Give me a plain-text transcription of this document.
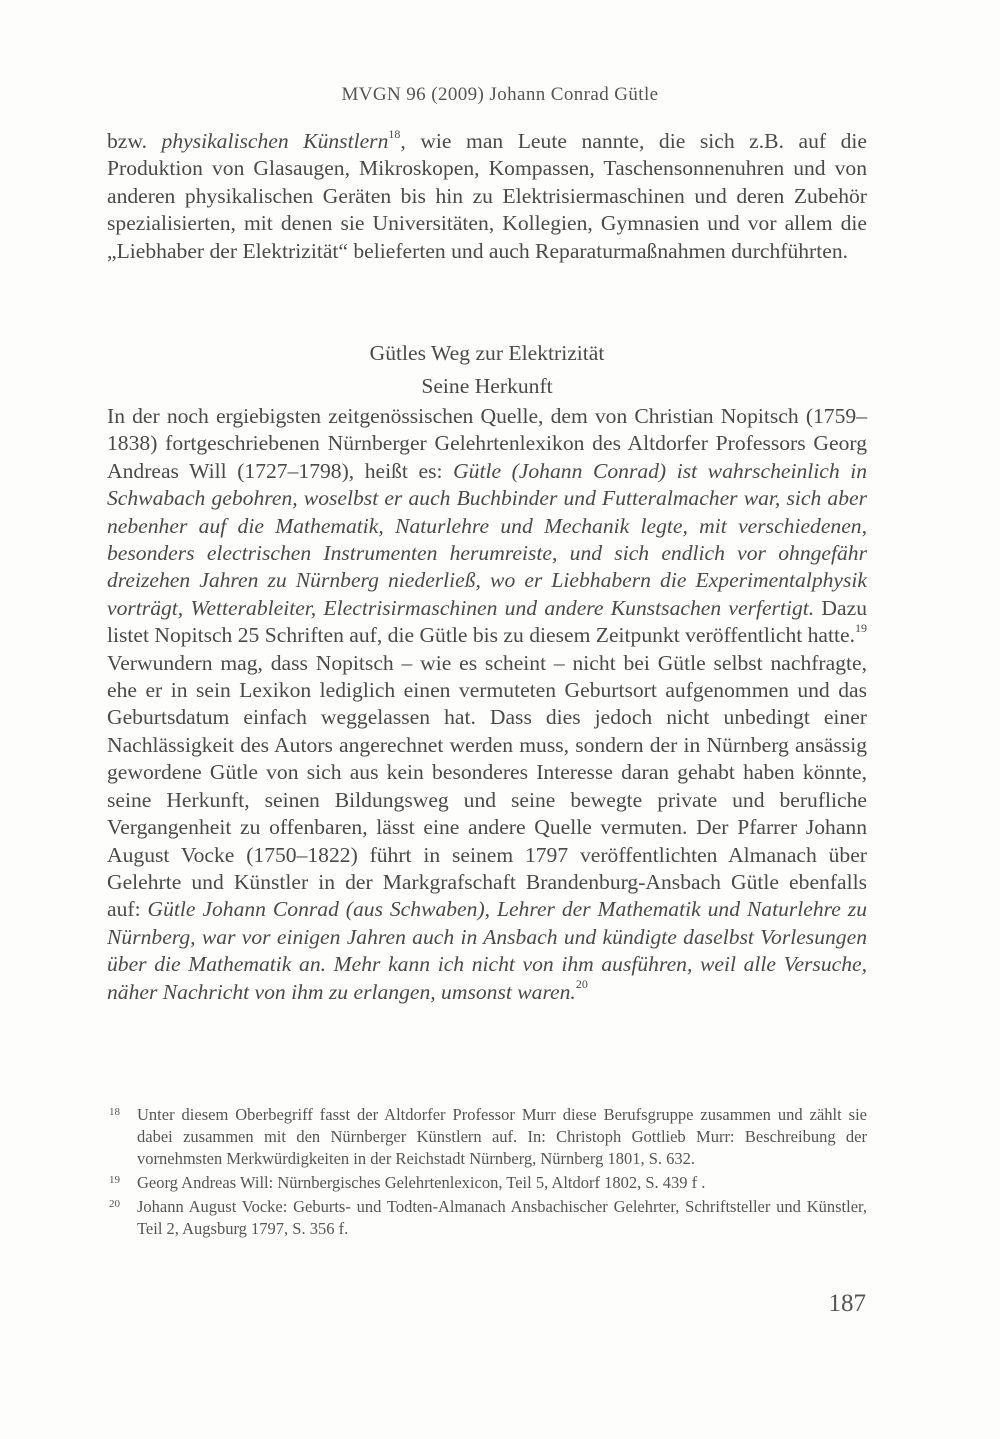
MVGN 96 (2009) Johann Conrad Gütle
bzw. physikalischen Künstlern$^{18}$, wie man Leute nannte, die sich z.B. auf die Produktion von Glasaugen, Mikroskopen, Kompassen, Taschensonnenuhren und von anderen physikalischen Geräten bis hin zu Elektrisiermaschinen und deren Zubehör spezialisierten, mit denen sie Universitäten, Kollegien, Gymnasien und vor allem die „Liebhaber der Elektrizität“ belieferten und auch Reparaturmaßnahmen durchführten.
Gütles Weg zur Elektrizität
Seine Herkunft
In der noch ergiebigsten zeitgenössischen Quelle, dem von Christian Nopitsch (1759–1838) fortgeschriebenen Nürnberger Gelehrtenlexikon des Altdorfer Professors Georg Andreas Will (1727–1798), heißt es: Gütle (Johann Conrad) ist wahrscheinlich in Schwabach gebohren, woselbst er auch Buchbinder und Futteralmacher war, sich aber nebenher auf die Mathematik, Naturlehre und Mechanik legte, mit verschiedenen, besonders electrischen Instrumenten herumreiste, und sich endlich vor ohngefähr dreizehen Jahren zu Nürnberg niederließ, wo er Liebhabern die Experimentalphysik vorträgt, Wetterableiter, Electrisirmaschinen und andere Kunstsachen verfertigt. Dazu listet Nopitsch 25 Schriften auf, die Gütle bis zu diesem Zeitpunkt veröffentlicht hatte.$^{19}$ Verwundern mag, dass Nopitsch – wie es scheint – nicht bei Gütle selbst nachfragte, ehe er in sein Lexikon lediglich einen vermuteten Geburtsort aufgenommen und das Geburtsdatum einfach weggelassen hat. Dass dies jedoch nicht unbedingt einer Nachlässigkeit des Autors angerechnet werden muss, sondern der in Nürnberg ansässig gewordene Gütle von sich aus kein besonderes Interesse daran gehabt haben könnte, seine Herkunft, seinen Bildungsweg und seine bewegte private und berufliche Vergangenheit zu offenbaren, lässt eine andere Quelle vermuten. Der Pfarrer Johann August Vocke (1750–1822) führt in seinem 1797 veröffentlichten Almanach über Gelehrte und Künstler in der Markgrafschaft Brandenburg-Ansbach Gütle ebenfalls auf: Gütle Johann Conrad (aus Schwaben), Lehrer der Mathematik und Naturlehre zu Nürnberg, war vor einigen Jahren auch in Ansbach und kündigte daselbst Vorlesungen über die Mathematik an. Mehr kann ich nicht von ihm ausführen, weil alle Versuche, näher Nachricht von ihm zu erlangen, umsonst waren.$^{20}$
18 Unter diesem Oberbegriff fasst der Altdorfer Professor Murr diese Berufsgruppe zusammen und zählt sie dabei zusammen mit den Nürnberger Künstlern auf. In: Christoph Gottlieb Murr: Beschreibung der vornehmsten Merkwürdigkeiten in der Reichstadt Nürnberg, Nürnberg 1801, S. 632.
19 Georg Andreas Will: Nürnbergisches Gelehrtenlexicon, Teil 5, Altdorf 1802, S. 439 f .
20 Johann August Vocke: Geburts- und Todten-Almanach Ansbachischer Gelehrter, Schriftsteller und Künstler, Teil 2, Augsburg 1797, S. 356 f.
187
